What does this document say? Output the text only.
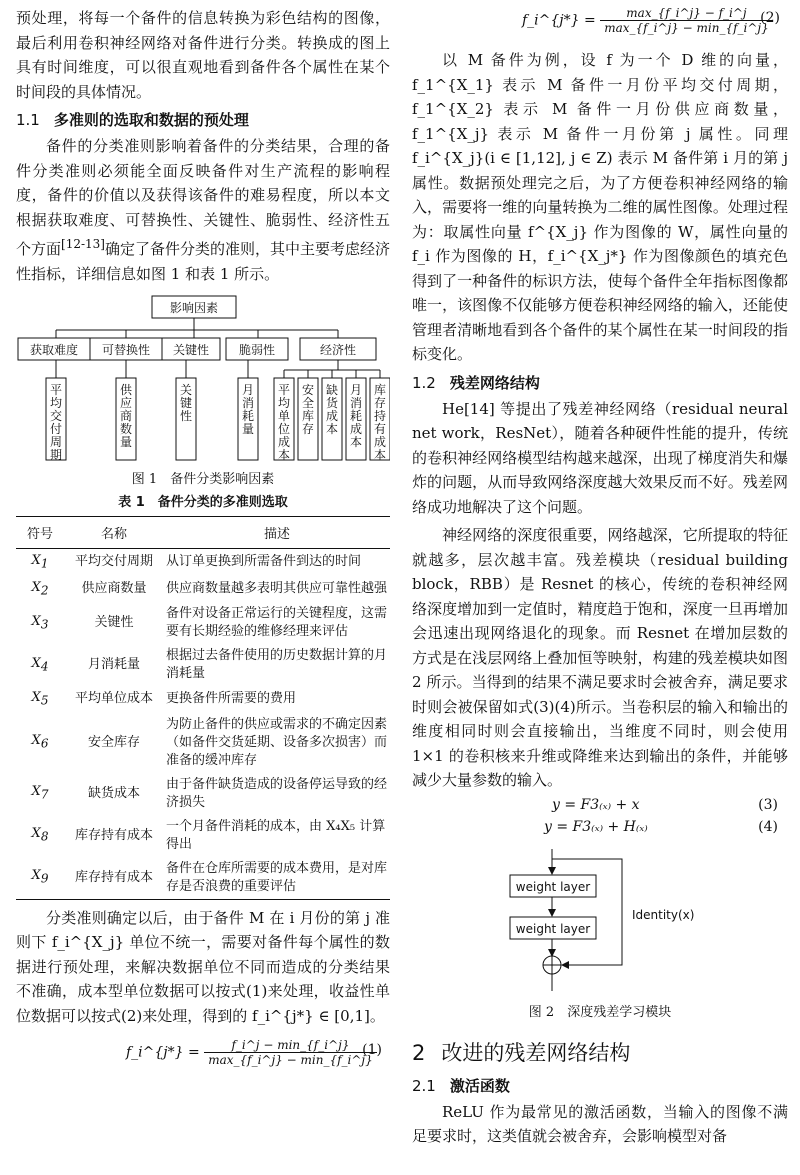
预处理，将每一个备件的信息转换为彩色结构的图像，最后利用卷积神经网络对备件进行分类。转换成的图上具有时间维度，可以很直观地看到备件各个属性在某个时间段的具体情况。

1.1 多准则的选取和数据的预处理

备件的分类准则影响着备件的分类结果，合理的备件分类准则必须能全面反映备件对生产流程的影响程度，备件的价值以及获得该备件的难易程度，所以本文根据获取难度、可替换性、关键性、脆弱性、经济性五个方面[12-13]确定了备件分类的准则，其中主要考虑经济性指标，详细信息如图 1 和表 1 所示。

影响因素
获取难度 可替换性 关键性 脆弱性	经济性
平均交付周期
供应商数量
关键性
月消耗量
平均单位成本
安全库存
缺货成本
月消耗成本
库存持有成本
图 1　备件分类影响因素
表 1　备件分类的多准则选取
符号	名称	描述
$X_1$	平均交付周期	从订单更换到所需备件到达的时间
$X_2$	供应商数量	供应商数量越多表明其供应可靠性越强
$X_3$	关键性	备件对设备正常运行的关键程度，这需要有长期经验的维修经理来评估
$X_4$	月消耗量	根据过去备件使用的历史数据计算的月消耗量
$X_5$	平均单位成本	更换备件所需要的费用
$X_6$	安全库存	为防止备件的供应或需求的不确定因素（如备件交货延期、设备多次损害）而准备的缓冲库存
$X_7$	缺货成本	由于备件缺货造成的设备停运导致的经济损失
$X_8$	库存持有成本	一个月备件消耗的成本，由 X₄X₅ 计算得出
$X_9$	库存持有成本	备件在仓库所需要的成本费用，是对库存是否浪费的重要评估

分类准则确定以后，由于备件 M 在 i 月份的第 j 准则下 f_i^{X_j} 单位不统一，需要对备件每个属性的数据进行预处理，来解决数据单位不同而造成的分类结果不准确，成本型单位数据可以按式(1)来处理，收益性单位数据可以按式(2)来处理，得到的 f_i^{j*} ∈ [0,1]。

f_i^{j*} = $\frac{f\_i\^{}j - \min\_\{f\_i\^{}j\}}{\max\_\{f\_i\^{}j\} - \min\_\{f\_i\^{}j\}}$
(1)
f_i^{j*} = $\frac{\max\_\{f\_i\^{}j\} - f\_i\^{}j}{\max\_\{f\_i\^{}j\} - \min\_\{f\_i\^{}j\}}$
(2)

以 M 备件为例，设 f 为一个 D 维的向量，f_1^{X_1} 表示 M 备件一月份平均交付周期，f_1^{X_2} 表示 M 备件一月份供应商数量，f_1^{X_j} 表示 M 备件一月份第 j 属性。同理 f_i^{X_j}(i ∈ [1,12], j ∈ Z) 表示 M 备件第 i 月的第 j 属性。数据预处理完之后，为了方便卷积神经网络的输入，需要将一维的向量转换为二维的属性图像。处理过程为：取属性向量 f^{X_j} 作为图像的 W，属性向量的 f_i 作为图像的 H，f_i^{X_j*} 作为图像颜色的填充色得到了一种备件的标识方法，使每个备件全年指标图像都唯一，该图像不仅能够方便卷积神经网络的输入，还能使管理者清晰地看到各个备件的某个属性在某一时间段的指标变化。

1.2 残差网络结构

He[14] 等提出了残差神经网络（residual neural net work，ResNet），随着各种硬件性能的提升，传统的卷积神经网络模型结构越来越深，出现了梯度消失和爆炸的问题，从而导致网络深度越大效果反而不好。残差网络成功地解决了这个问题。

神经网络的深度很重要，网络越深，它所提取的特征就越多，层次越丰富。残差模块（residual building block，RBB）是 Resnet 的核心，传统的卷积神经网络深度增加到一定值时，精度趋于饱和，深度一旦再增加会迅速出现网络退化的现象。而 Resnet 在增加层数的方式是在浅层网络上叠加恒等映射，构建的残差模块如图 2 所示。当得到的结果不满足要求时会被舍弃，满足要求时则会被保留如式(3)(4)所示。当卷积层的输入和输出的维度相同时则会直接输出，当维度不同时，则会使用 1×1 的卷积核来升维或降维来达到输出的条件，并能够减少大量参数的输入。

y = F3₍ₓ₎ + x	(3)
y = F3₍ₓ₎ + H₍ₓ₎	(4)
weight layer
weight layer
Identity(x)
图 2　深度残差学习模块
2 改进的残差网络结构
2.1 激活函数

ReLU 作为最常见的激活函数，当输入的图像不满足要求时，这类值就会被舍弃，会影响模型对备
